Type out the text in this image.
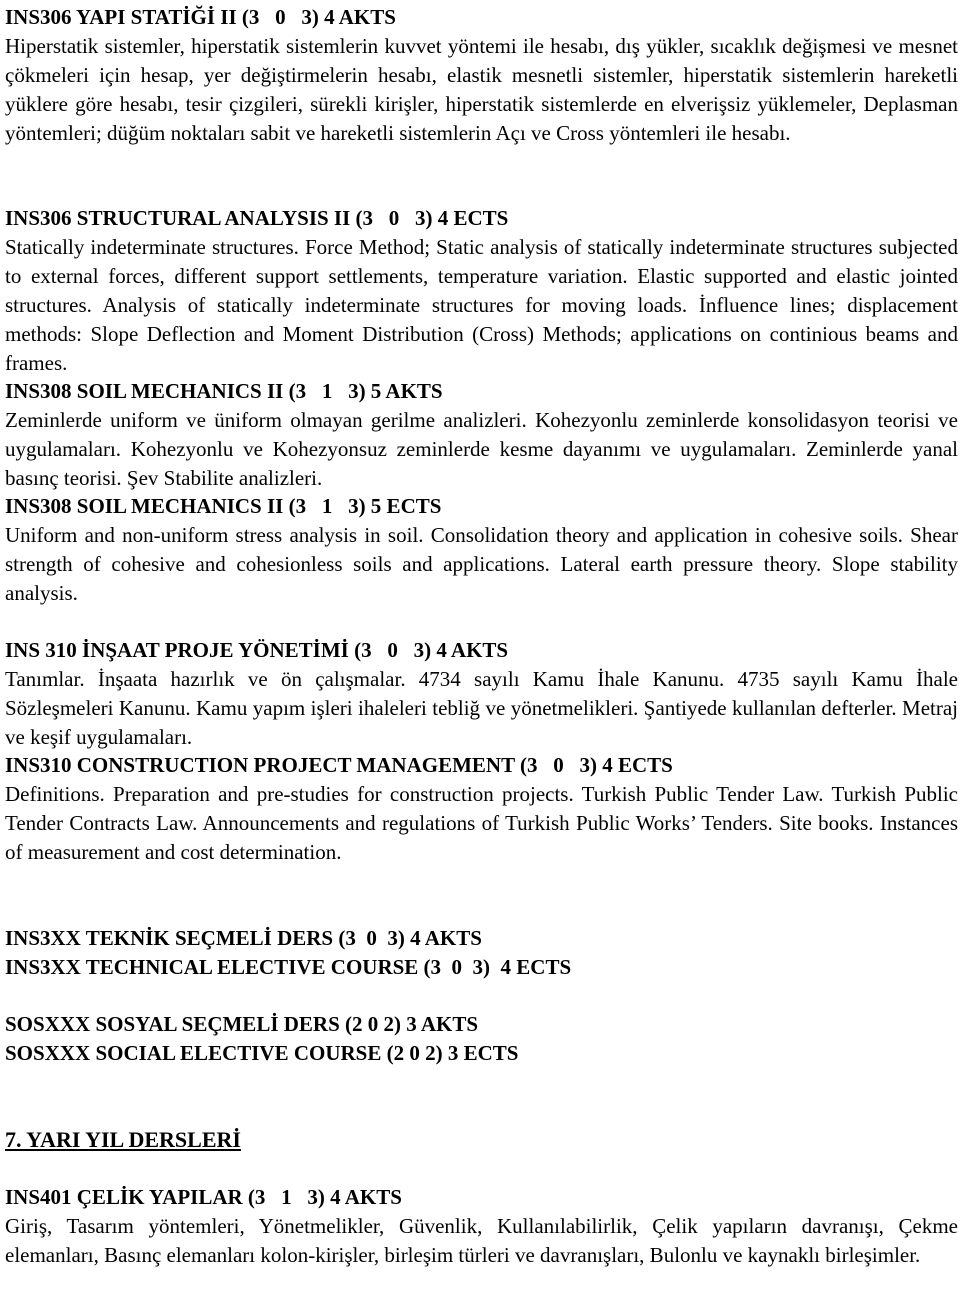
INS306 YAPI STATİĞİ II (3   0   3) 4 AKTS
Hiperstatik sistemler, hiperstatik sistemlerin kuvvet yöntemi ile hesabı, dış yükler, sıcaklık değişmesi ve mesnet çökmeleri için hesap, yer değiştirmelerin hesabı, elastik mesnetli sistemler, hiperstatik sistemlerin hareketli yüklere göre hesabı, tesir çizgileri, sürekli kirişler, hiperstatik sistemlerde en elverişsiz yüklemeler, Deplasman yöntemleri; düğüm noktaları sabit ve hareketli sistemlerin Açı ve Cross yöntemleri ile hesabı.
INS306 STRUCTURAL ANALYSIS II (3   0   3) 4 ECTS
Statically indeterminate structures. Force Method; Static analysis of statically indeterminate structures subjected to external forces, different support settlements, temperature variation. Elastic supported and elastic jointed structures. Analysis of statically indeterminate structures for moving loads. İnfluence lines; displacement methods: Slope Deflection and Moment Distribution (Cross) Methods; applications on continious beams and frames.
INS308 SOIL MECHANICS II (3   1   3) 5 AKTS
Zeminlerde uniform ve üniform olmayan gerilme analizleri. Kohezyonlu zeminlerde konsolidasyon teorisi ve uygulamaları. Kohezyonlu ve Kohezyonsuz zeminlerde kesme dayanımı ve uygulamaları. Zeminlerde yanal basınç teorisi. Şev Stabilite analizleri.
INS308 SOIL MECHANICS II (3   1   3) 5 ECTS
Uniform and non-uniform stress analysis in soil. Consolidation theory and application in cohesive soils. Shear strength of cohesive and cohesionless soils and applications. Lateral earth pressure theory. Slope stability analysis.
INS 310 İNŞAAT PROJE YÖNETİMİ (3   0   3) 4 AKTS
Tanımlar. İnşaata hazırlık ve ön çalışmalar. 4734 sayılı Kamu İhale Kanunu. 4735 sayılı Kamu İhale Sözleşmeleri Kanunu. Kamu yapım işleri ihaleleri tebliğ ve yönetmelikleri. Şantiyede kullanılan defterler. Metraj ve keşif uygulamaları.
INS310 CONSTRUCTION PROJECT MANAGEMENT (3   0   3) 4 ECTS
Definitions. Preparation and pre-studies for construction projects. Turkish Public Tender Law. Turkish Public Tender Contracts Law. Announcements and regulations of Turkish Public Works’ Tenders. Site books. Instances of measurement and cost determination.
INS3XX TEKNİK SEÇMELİ DERS (3  0  3) 4 AKTS
INS3XX TECHNICAL ELECTIVE COURSE (3  0  3)  4 ECTS
SOSXXX SOSYAL SEÇMELİ DERS (2 0 2) 3 AKTS
SOSXXX SOCIAL ELECTIVE COURSE (2 0 2) 3 ECTS
7. YARI YIL DERSLERİ
INS401 ÇELİK YAPILAR (3   1   3) 4 AKTS
Giriş, Tasarım yöntemleri, Yönetmelikler, Güvenlik, Kullanılabilirlik, Çelik yapıların davranışı, Çekme elemanları, Basınç elemanları kolon-kirişler, birleşim türleri ve davranışları, Bulonlu ve kaynaklı birleşimler.
